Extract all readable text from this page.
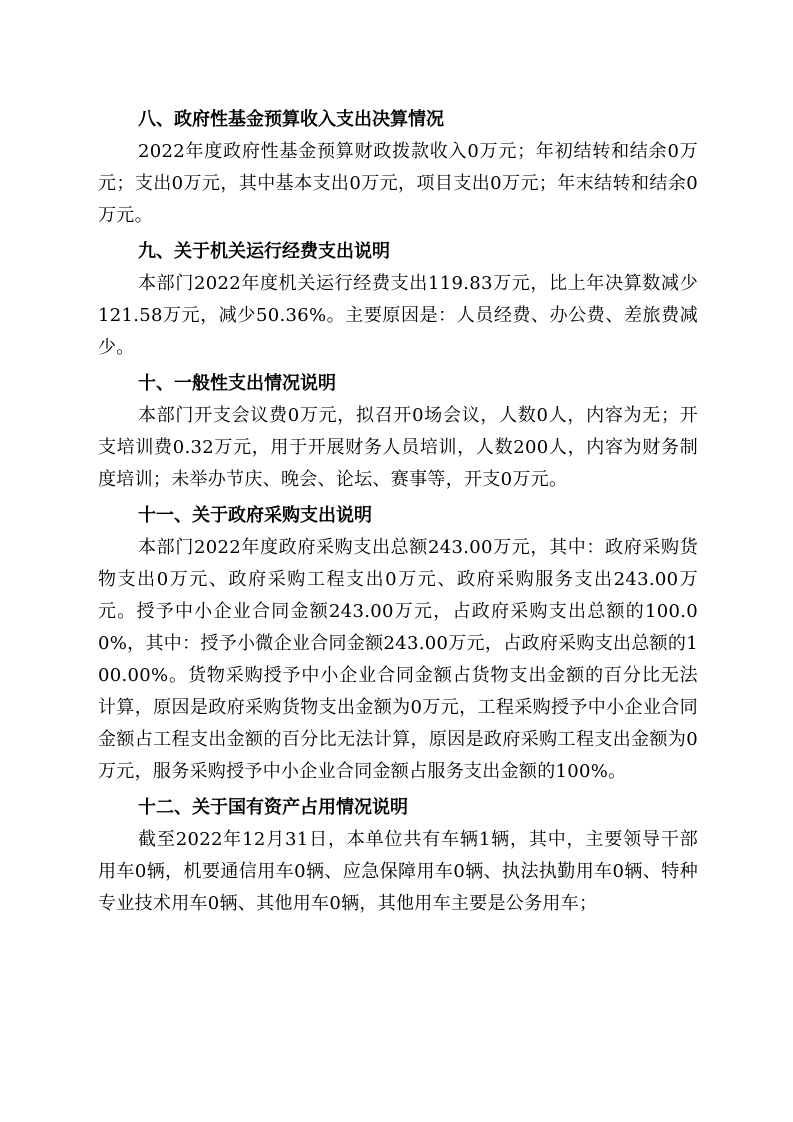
八、政府性基金预算收入支出决算情况

2022年度政府性基金预算财政拨款收入0万元；年初结转和结余0万元；支出0万元，其中基本支出0万元，项目支出0万元；年末结转和结余0万元。

九、关于机关运行经费支出说明

本部门2022年度机关运行经费支出119.83万元，比上年决算数减少121.58万元，减少50.36%。主要原因是：人员经费、办公费、差旅费减少。

十、一般性支出情况说明

本部门开支会议费0万元，拟召开0场会议，人数0人，内容为无；开支培训费0.32万元，用于开展财务人员培训，人数200人，内容为财务制度培训；未举办节庆、晚会、论坛、赛事等，开支0万元。

十一、关于政府采购支出说明

本部门2022年度政府采购支出总额243.00万元，其中：政府采购货物支出0万元、政府采购工程支出0万元、政府采购服务支出243.00万元。授予中小企业合同金额243.00万元，占政府采购支出总额的100.00%，其中：授予小微企业合同金额243.00万元，占政府采购支出总额的100.00%。货物采购授予中小企业合同金额占货物支出金额的百分比无法计算，原因是政府采购货物支出金额为0万元，工程采购授予中小企业合同金额占工程支出金额的百分比无法计算，原因是政府采购工程支出金额为0万元，服务采购授予中小企业合同金额占服务支出金额的100%。

十二、关于国有资产占用情况说明

截至2022年12月31日，本单位共有车辆1辆，其中，主要领导干部用车0辆，机要通信用车0辆、应急保障用车0辆、执法执勤用车0辆、特种专业技术用车0辆、其他用车0辆，其他用车主要是公务用车；
